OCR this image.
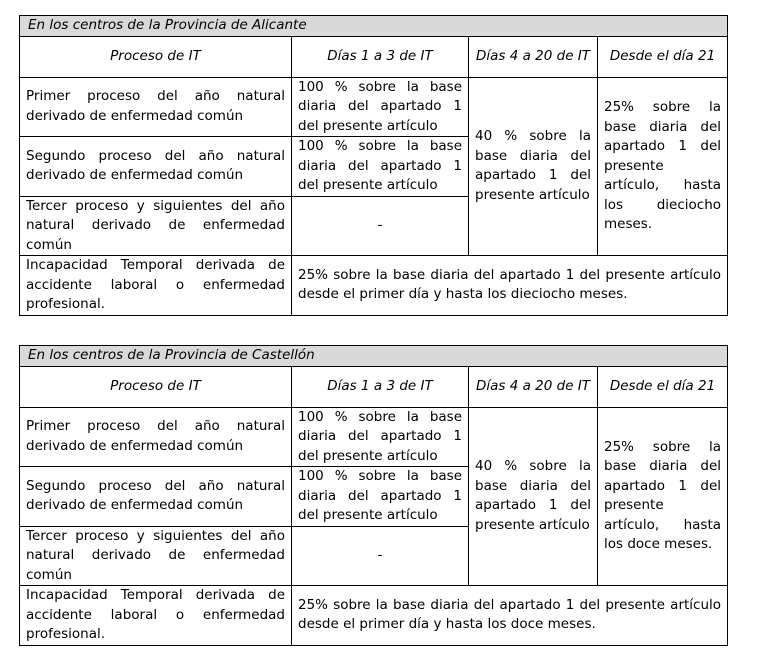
En los centros de la Provincia de Alicante			
Proceso de IT	Días 1 a 3 de IT	Días 4 a 20 de IT	Desde el día 21
Primer proceso del año natural derivado de enfermedad común	100 % sobre la base diaria del apartado 1 del presente artículo	40 % sobre la base diaria del apartado 1 del presente artículo	25% sobre la base diaria del apartado 1 del presente artículo, hasta los dieciocho meses.
Segundo proceso del año natural derivado de enfermedad común	100 % sobre la base diaria del apartado 1 del presente artículo		
Tercer proceso y siguientes del año natural derivado de enfermedad común	-		
Incapacidad Temporal derivada de accidente laboral o enfermedad profesional.	25% sobre la base diaria del apartado 1 del presente artículo desde el primer día y hasta los dieciocho meses.		
En los centros de la Provincia de Castellón			
Proceso de IT	Días 1 a 3 de IT	Días 4 a 20 de IT	Desde el día 21
Primer proceso del año natural derivado de enfermedad común	100 % sobre la base diaria del apartado 1 del presente artículo	40 % sobre la base diaria del apartado 1 del presente artículo	25% sobre la base diaria del apartado 1 del presente artículo, hasta los doce meses.
Segundo proceso del año natural derivado de enfermedad común	100 % sobre la base diaria del apartado 1 del presente artículo		
Tercer proceso y siguientes del año natural derivado de enfermedad común	-		
Incapacidad Temporal derivada de accidente laboral o enfermedad profesional.	25% sobre la base diaria del apartado 1 del presente artículo desde el primer día y hasta los doce meses.		
